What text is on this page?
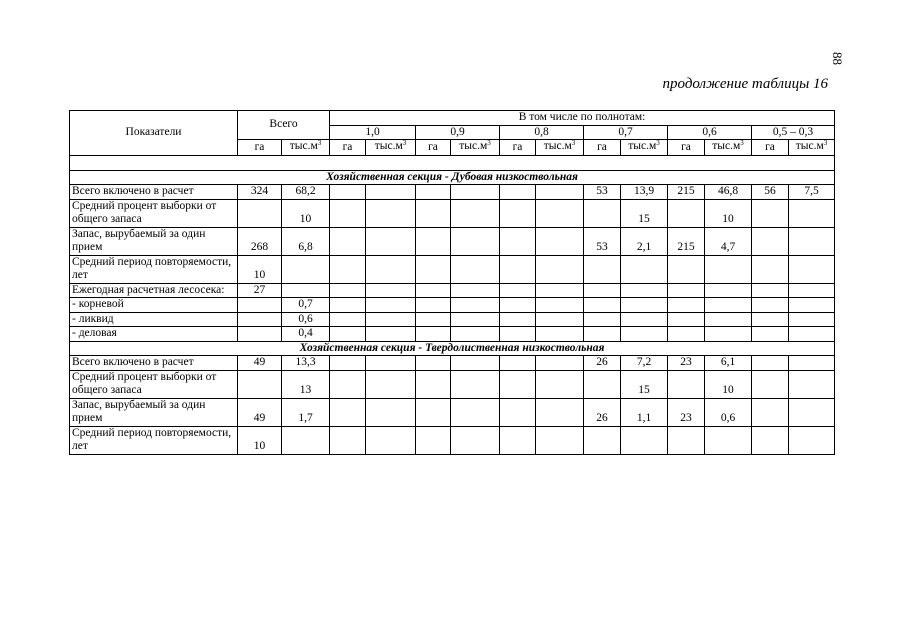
88
продолжение таблицы 16
Показатели	Всего		В том числе по полнотам:											
			1,0		0,9		0,8		0,7		0,6		0,5 – 0,3	
	га	$тыс.м^3$	га	$тыс.м^3$	га	$тыс.м^3$	га	$тыс.м^3$	га	$тыс.м^3$	га	$тыс.м^3$	га	$тыс.м^3$

Хозяйственная секция - Дубовая низкоствольная														
Всего включено в расчет	324	68,2							53	13,9	215	46,8	56	7,5
Средний процент выборки от общего запаса		10								15		10		
Запас, вырубаемый за один прием	268	6,8							53	2,1	215	4,7		
Средний период повторяемости, лет	10													
Ежегодная расчетная лесосека:	27													
- корневой		0,7												
- ликвид		0,6												
- деловая		0,4												
Хозяйственная секция - Твердолиственная низкоствольная														
Всего включено в расчет	49	13,3							26	7,2	23	6,1		
Средний процент выборки от общего запаса		13								15		10		
Запас, вырубаемый за один прием	49	1,7							26	1,1	23	0,6		
Средний период повторяемости, лет	10													
